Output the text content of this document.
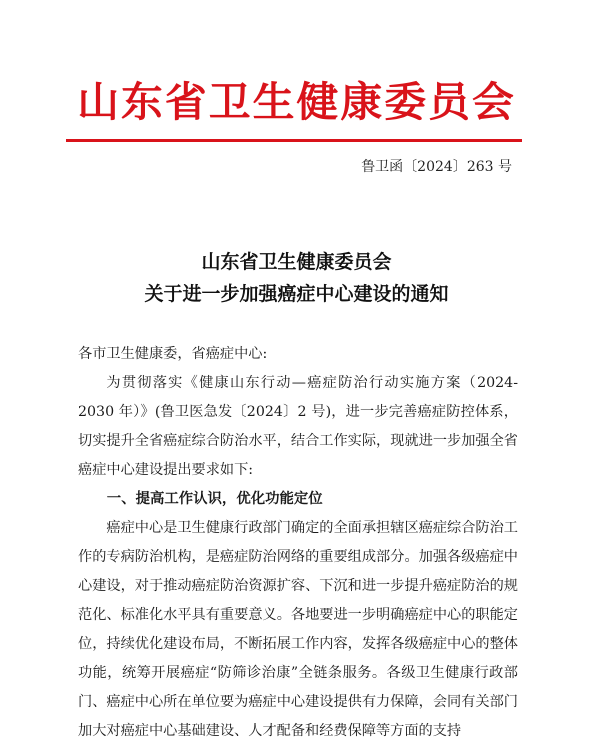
山东省卫生健康委员会
鲁卫函〔2024〕263 号
山东省卫生健康委员会
关于进一步加强癌症中心建设的通知

各市卫生健康委，省癌症中心:

为贯彻落实《健康山东行动—癌症防治行动实施方案（2024-2030 年）》(鲁卫医急发〔2024〕2 号)，进一步完善癌症防控体系，切实提升全省癌症综合防治水平，结合工作实际，现就进一步加强全省癌症中心建设提出要求如下:

一、提高工作认识，优化功能定位

癌症中心是卫生健康行政部门确定的全面承担辖区癌症综合防治工作的专病防治机构，是癌症防治网络的重要组成部分。加强各级癌症中心建设，对于推动癌症防治资源扩容、下沉和进一步提升癌症防治的规范化、标准化水平具有重要意义。各地要进一步明确癌症中心的职能定位，持续优化建设布局，不断拓展工作内容，发挥各级癌症中心的整体功能，统筹开展癌症“防筛诊治康”全链条服务。各级卫生健康行政部门、癌症中心所在单位要为癌症中心建设提供有力保障，会同有关部门加大对癌症中心基础建设、人才配备和经费保障等方面的支持
